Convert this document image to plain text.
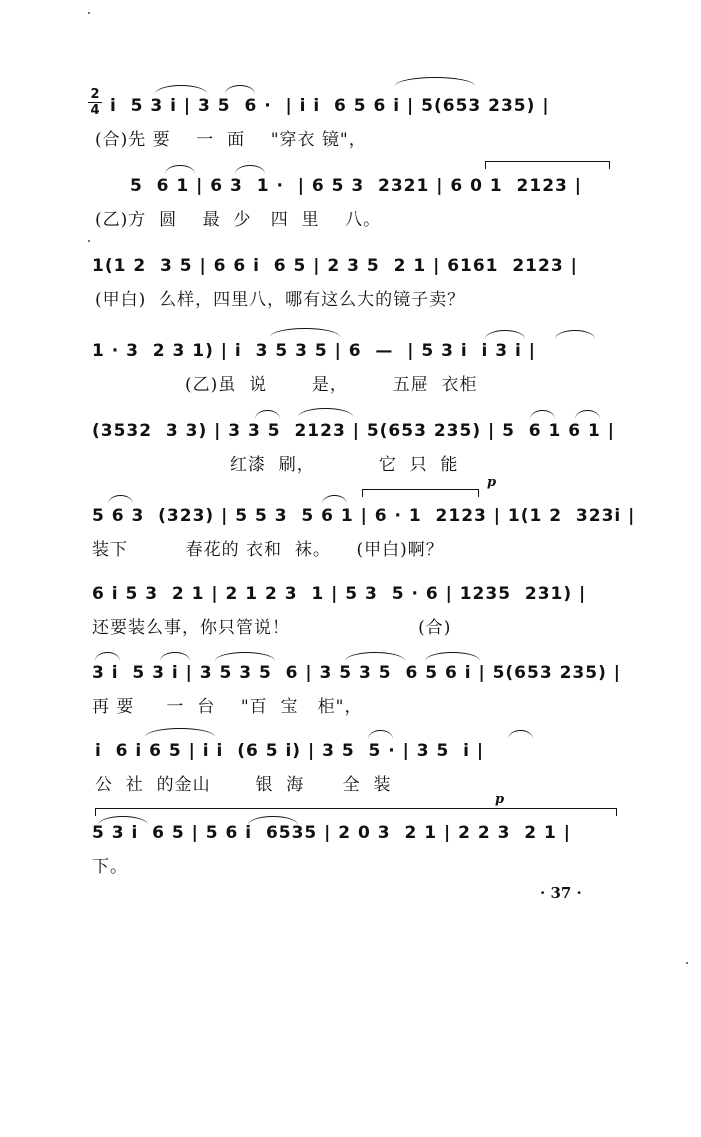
2
4 i  5 3 i | 3 5  6 ·  | i i  6 5 6 i | 5(653 235) |
(合)先 要    一  面    "穿衣 镜"，
5  6 1 | 6 3  1 ·  | 6 5 3  2321 | 6 0 1  2123 |
(乙)方  圆    最  少   四  里    八。
1(1 2  3 5 | 6 6 i  6 5 | 2 3 5  2 1 | 6161  2123 |
(甲白)  么样，四里八，哪有这么大的镜子卖？
1 · 3  2 3 1) | i  3 5 3 5 | 6  —  | 5 3 i  i 3 i |
(乙)虽  说       是，       五屉  衣柜
(3532  3 3) | 3 3 5  2123 | 5(653 235) | 5  6 1 6 1 |
红漆  刷，          它  只  能
p
5 6 3  (323) | 5 5 3  5 6 1 | 6 · 1  2123 | 1(1 2  323i |
装下         春花的 衣和  袜。    (甲白)啊？
6 i 5 3  2 1 | 2 1 2 3  1 | 5 3  5 · 6 | 1235  231) |
还要装么事，你只管说！                    (合)
3 i  5 3 i | 3 5 3 5  6 | 3 5 3 5  6 5 6 i | 5(653 235) |
再 要     一  台    "百  宝   柜"，
i  6 i 6 5 | i i  (6 5 i) | 3 5  5 · | 3 5  i |
公  社  的金山       银  海      全  装
p
5 3 i  6 5 | 5 6 i  6535 | 2 0 3  2 1 | 2 2 3  2 1 |
下。
· 37 ·
